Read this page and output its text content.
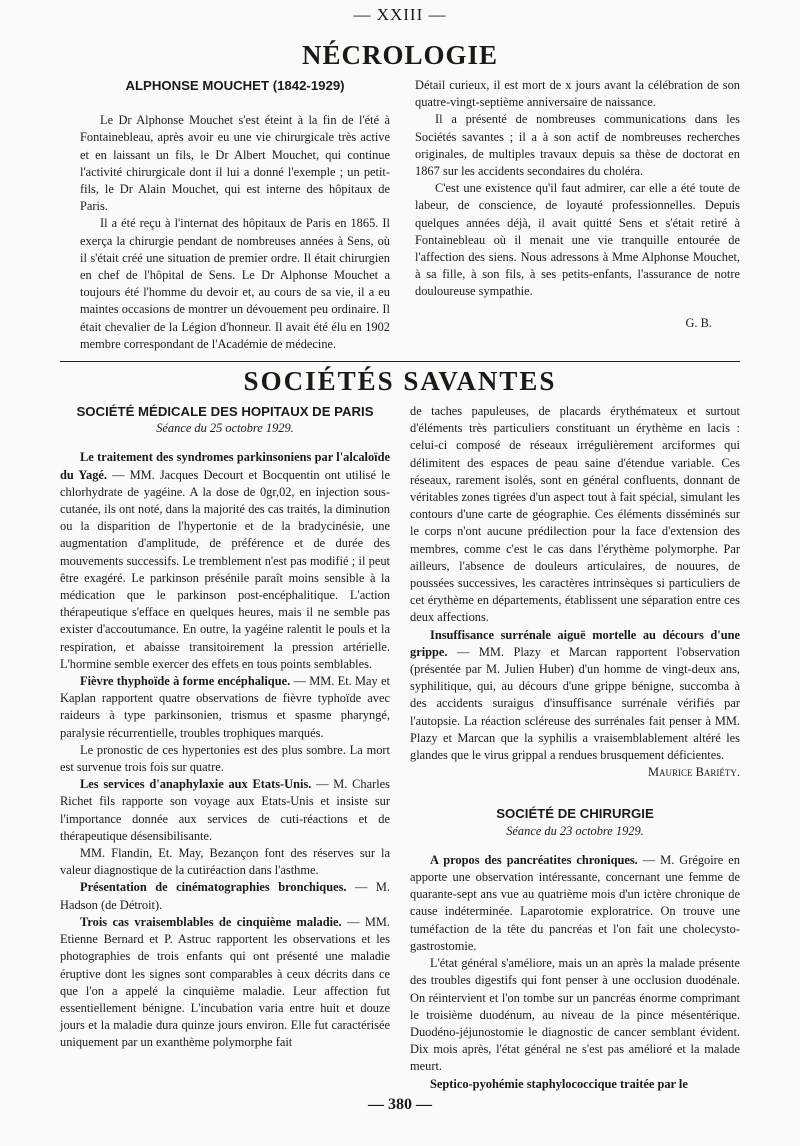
— XXIII —
NÉCROLOGIE

ALPHONSE MOUCHET (1842-1929)

Le Dr Alphonse Mouchet s'est éteint à la fin de l'été à Fontainebleau, après avoir eu une vie chirurgicale très active et en laissant un fils, le Dr Albert Mouchet, qui continue l'activité chirurgicale dont il lui a donné l'exemple ; un petit-fils, le Dr Alain Mouchet, qui est interne des hôpitaux de Paris.

Il a été reçu à l'internat des hôpitaux de Paris en 1865. Il exerça la chirurgie pendant de nombreuses années à Sens, où il s'était créé une situation de premier ordre. Il était chirurgien en chef de l'hôpital de Sens. Le Dr Alphonse Mouchet a toujours été l'homme du devoir et, au cours de sa vie, il a eu maintes occasions de montrer un dévouement peu ordinaire. Il était chevalier de la Légion d'honneur. Il avait été élu en 1902 membre correspondant de l'Académie de médecine.

Détail curieux, il est mort de x jours avant la célébration de son quatre-vingt-septième anniversaire de naissance.

Il a présenté de nombreuses communications dans les Sociétés savantes ; il a à son actif de nombreuses recherches originales, de multiples travaux depuis sa thèse de doctorat en 1867 sur les accidents secondaires du choléra.

C'est une existence qu'il faut admirer, car elle a été toute de labeur, de conscience, de loyauté professionnelles. Depuis quelques années déjà, il avait quitté Sens et s'était retiré à Fontainebleau où il menait une vie tranquille entourée de l'affection des siens. Nous adressons à Mme Alphonse Mouchet, à sa fille, à son fils, à ses petits-enfants, l'assurance de notre douloureuse sympathie.

G. B.

SOCIÉTÉS SAVANTES

SOCIÉTÉ MÉDICALE DES HOPITAUX DE PARIS

Séance du 25 octobre 1929.

Le traitement des syndromes parkinsoniens par l'alcaloïde du Yagé. — MM. Jacques Decourt et Bocquentin ont utilisé le chlorhydrate de yagéine. A la dose de 0gr,02, en injection sous-cutanée, ils ont noté, dans la majorité des cas traités, la diminution ou la disparition de l'hypertonie et de la bradycinésie, une augmentation d'amplitude, de préférence et de durée des mouvements successifs. Le tremblement n'est pas modifié ; il peut être exagéré. Le parkinson présénile paraît moins sensible à la médication que le parkinson post-encéphalitique. L'action thérapeutique s'efface en quelques heures, mais il ne semble pas exister d'accoutumance. En outre, la yagéine ralentit le pouls et la respiration, et abaisse transitoirement la pression artérielle. L'hormine semble exercer des effets en tous points semblables.

Fièvre thyphoïde à forme encéphalique. — MM. Et. May et Kaplan rapportent quatre observations de fièvre typhoïde avec raideurs à type parkinsonien, trismus et spasme pharyngé, paralysie récurrentielle, troubles trophiques marqués.

Le pronostic de ces hypertonies est des plus sombre. La mort est survenue trois fois sur quatre.

Les services d'anaphylaxie aux Etats-Unis. — M. Charles Richet fils rapporte son voyage aux Etats-Unis et insiste sur l'importance donnée aux services de cuti-réactions et de thérapeutique désensibilisante.

MM. Flandin, Et. May, Bezançon font des réserves sur la valeur diagnostique de la cutiréaction dans l'asthme.

Présentation de cinématographies bronchiques. — M. Hadson (de Détroit).

Trois cas vraisemblables de cinquième maladie. — MM. Etienne Bernard et P. Astruc rapportent les observations et les photographies de trois enfants qui ont présenté une maladie éruptive dont les signes sont comparables à ceux décrits dans ce que l'on a appelé la cinquième maladie. Leur affection fut essentiellement bénigne. L'incubation varia entre huit et douze jours et la maladie dura quinze jours environ. Elle fut caractérisée uniquement par un exanthème polymorphe fait

de taches papuleuses, de placards érythémateux et surtout d'éléments très particuliers constituant un érythème en lacis : celui-ci composé de réseaux irrégulièrement arciformes qui délimitent des espaces de peau saine d'étendue variable. Ces réseaux, rarement isolés, sont en général confluents, donnant de véritables zones tigrées d'un aspect tout à fait spécial, simulant les contours d'une carte de géographie. Ces éléments disséminés sur le corps n'ont aucune prédilection pour la face d'extension des membres, comme c'est le cas dans l'érythème polymorphe. Par ailleurs, l'absence de douleurs articulaires, de nouures, de poussées successives, les caractères intrinsèques si particuliers de cet érythème en départements, établissent une séparation entre ces deux affections.

Insuffisance surrénale aiguë mortelle au décours d'une grippe. — MM. Plazy et Marcan rapportent l'observation (présentée par M. Julien Huber) d'un homme de vingt-deux ans, syphilitique, qui, au décours d'une grippe bénigne, succomba à des accidents suraigus d'insuffisance surrénale vérifiés par l'autopsie. La réaction scléreuse des surrénales fait penser à MM. Plazy et Marcan que la syphilis a vraisemblablement altéré les glandes que le virus grippal a rendues brusquement déficientes.

Maurice Bariéty.

SOCIÉTÉ DE CHIRURGIE

Séance du 23 octobre 1929.

A propos des pancréatites chroniques. — M. Grégoire en apporte une observation intéressante, concernant une femme de quarante-sept ans vue au quatrième mois d'un ictère chronique de cause indéterminée. Laparotomie exploratrice. On trouve une tuméfaction de la tête du pancréas et l'on fait une cholecysto-gastrostomie.

L'état général s'améliore, mais un an après la malade présente des troubles digestifs qui font penser à une occlusion duodénale. On réintervient et l'on tombe sur un pancréas énorme comprimant le troisième duodénum, au niveau de la pince mésentérique. Duodéno-jéjunostomie le diagnostic de cancer semblant évident. Dix mois après, l'état général ne s'est pas amélioré et la malade meurt.

Septico-pyohémie staphylococcique traitée par le

— 380 —
